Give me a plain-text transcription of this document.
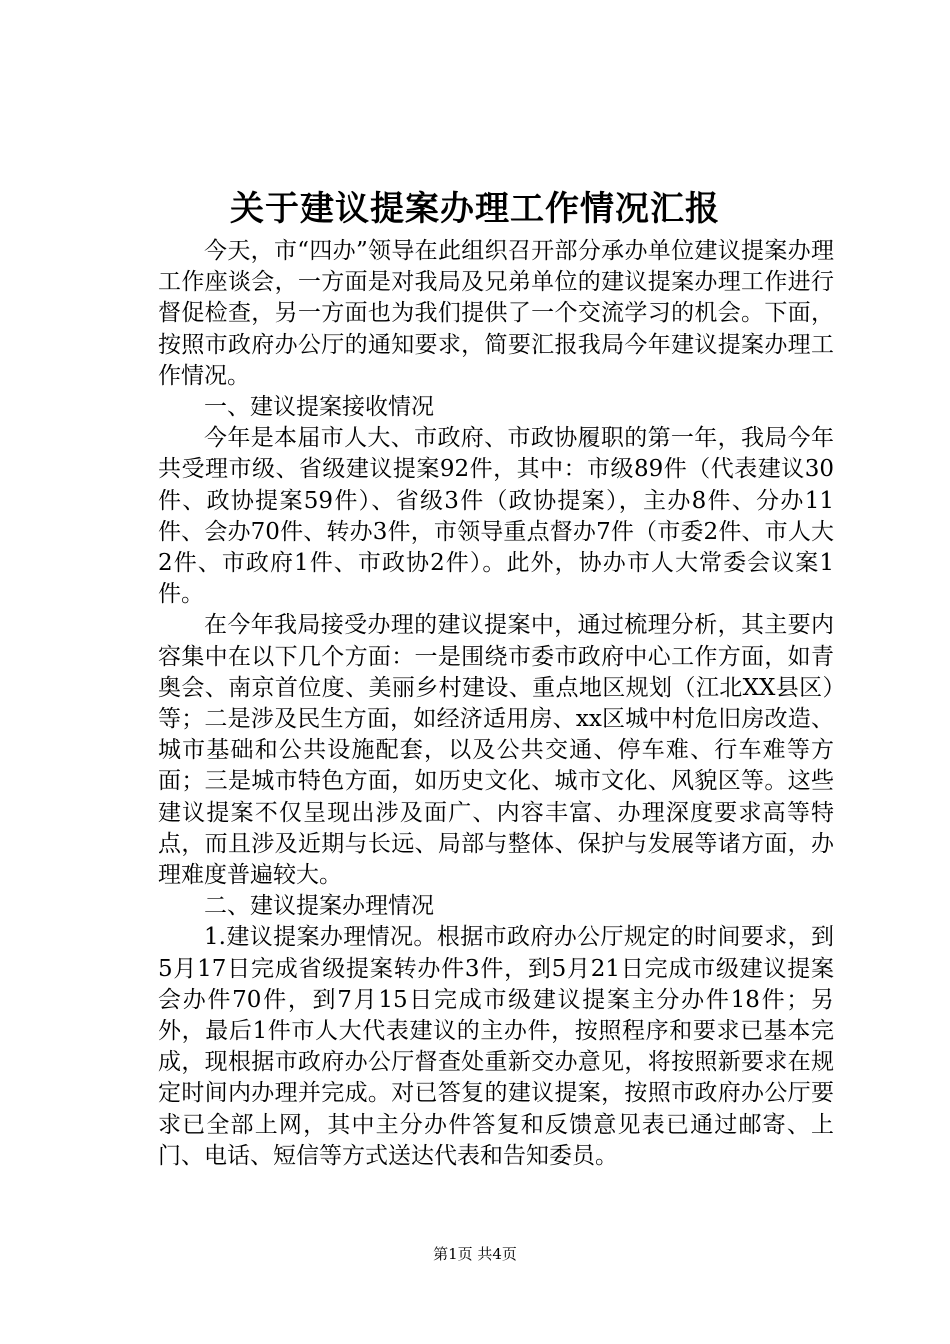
关于建议提案办理工作情况汇报

今天，市“四办”领导在此组织召开部分承办单位建议提案办理工作座谈会，一方面是对我局及兄弟单位的建议提案办理工作进行督促检查，另一方面也为我们提供了一个交流学习的机会。下面，按照市政府办公厅的通知要求，简要汇报我局今年建议提案办理工作情况。

一、建议提案接收情况

今年是本届市人大、市政府、市政协履职的第一年，我局今年共受理市级、省级建议提案92件，其中：市级89件（代表建议30件、政协提案59件）、省级3件（政协提案），主办8件、分办11件、会办70件、转办3件，市领导重点督办7件（市委2件、市人大2件、市政府1件、市政协2件）。此外，协办市人大常委会议案1件。

在今年我局接受办理的建议提案中，通过梳理分析，其主要内容集中在以下几个方面：一是围绕市委市政府中心工作方面，如青奥会、南京首位度、美丽乡村建设、重点地区规划（江北XX县区）等；二是涉及民生方面，如经济适用房、xx区城中村危旧房改造、城市基础和公共设施配套，以及公共交通、停车难、行车难等方面；三是城市特色方面，如历史文化、城市文化、风貌区等。这些建议提案不仅呈现出涉及面广、内容丰富、办理深度要求高等特点，而且涉及近期与长远、局部与整体、保护与发展等诸方面，办理难度普遍较大。

二、建议提案办理情况

1.建议提案办理情况。根据市政府办公厅规定的时间要求，到5月17日完成省级提案转办件3件，到5月21日完成市级建议提案会办件70件，到7月15日完成市级建议提案主分办件18件；另外，最后1件市人大代表建议的主办件，按照程序和要求已基本完成，现根据市政府办公厅督查处重新交办意见，将按照新要求在规定时间内办理并完成。对已答复的建议提案，按照市政府办公厅要求已全部上网，其中主分办件答复和反馈意见表已通过邮寄、上门、电话、短信等方式送达代表和告知委员。

第1页 共4页
